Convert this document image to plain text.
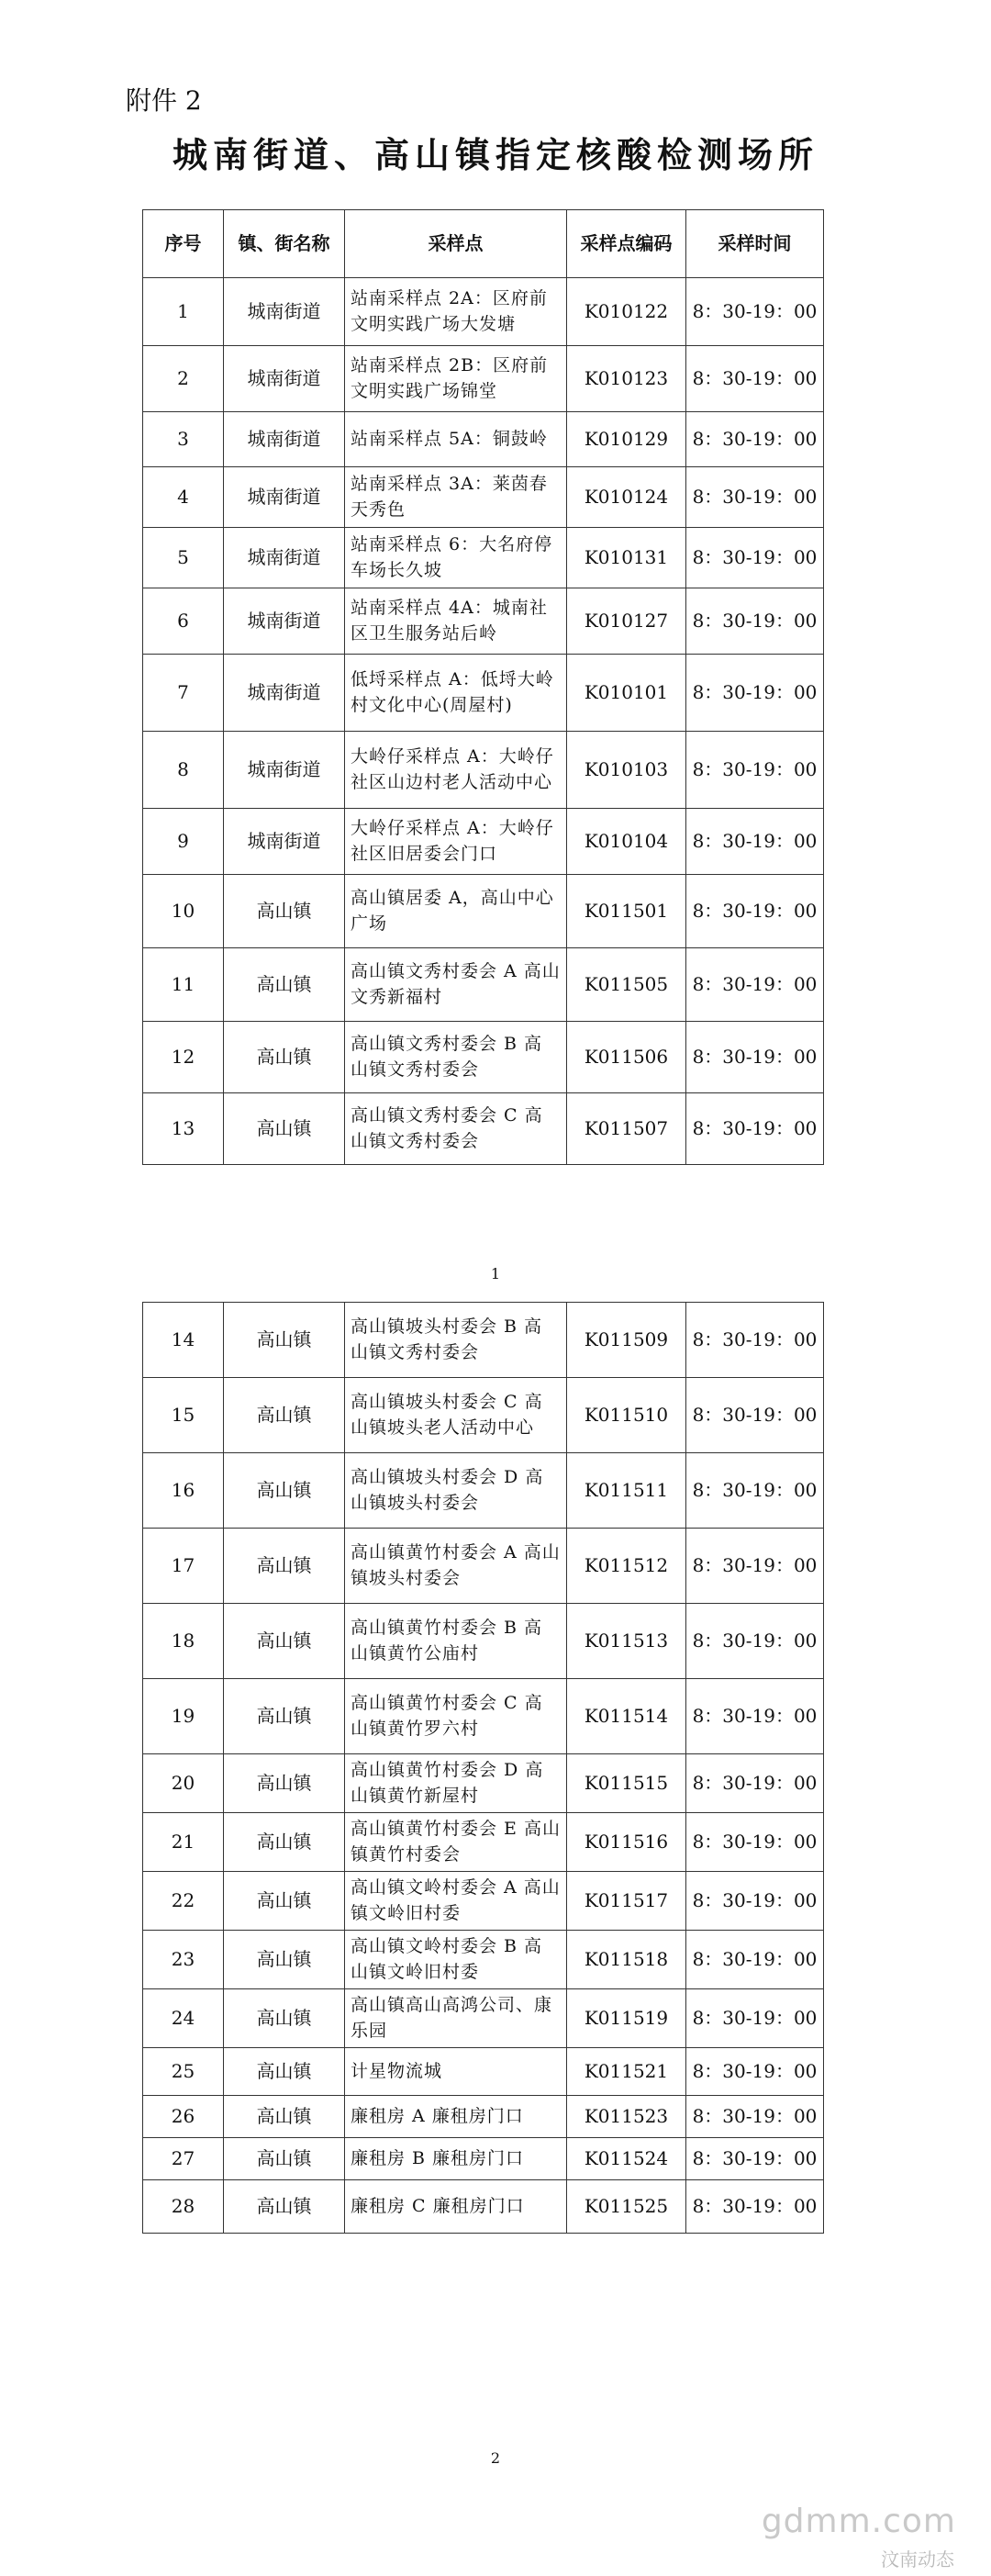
附件 2
城南街道、高山镇指定核酸检测场所
序号	镇、街名称	采样点	采样点编码	采样时间
1	城南街道	站南采样点 2A：区府前文明实践广场大发塘	K010122	8：30-19：00
2	城南街道	站南采样点 2B：区府前文明实践广场锦堂	K010123	8：30-19：00
3	城南街道	站南采样点 5A：铜鼓岭	K010129	8：30-19：00
4	城南街道	站南采样点 3A：莱茵春天秀色	K010124	8：30-19：00
5	城南街道	站南采样点 6：大名府停车场长久坡	K010131	8：30-19：00
6	城南街道	站南采样点 4A：城南社区卫生服务站后岭	K010127	8：30-19：00
7	城南街道	低埒采样点 A：低埒大岭村文化中心(周屋村)	K010101	8：30-19：00
8	城南街道	大岭仔采样点 A：大岭仔社区山边村老人活动中心	K010103	8：30-19：00
9	城南街道	大岭仔采样点 A：大岭仔社区旧居委会门口	K010104	8：30-19：00
10	高山镇	高山镇居委 A，高山中心广场	K011501	8：30-19：00
11	高山镇	高山镇文秀村委会 A 高山文秀新福村	K011505	8：30-19：00
12	高山镇	高山镇文秀村委会 B 高山镇文秀村委会	K011506	8：30-19：00
13	高山镇	高山镇文秀村委会 C 高山镇文秀村委会	K011507	8：30-19：00
1
14	高山镇	高山镇坡头村委会 B 高山镇文秀村委会	K011509	8：30-19：00
15	高山镇	高山镇坡头村委会 C 高山镇坡头老人活动中心	K011510	8：30-19：00
16	高山镇	高山镇坡头村委会 D 高山镇坡头村委会	K011511	8：30-19：00
17	高山镇	高山镇黄竹村委会 A 高山镇坡头村委会	K011512	8：30-19：00
18	高山镇	高山镇黄竹村委会 B 高山镇黄竹公庙村	K011513	8：30-19：00
19	高山镇	高山镇黄竹村委会 C 高山镇黄竹罗六村	K011514	8：30-19：00
20	高山镇	高山镇黄竹村委会 D 高山镇黄竹新屋村	K011515	8：30-19：00
21	高山镇	高山镇黄竹村委会 E 高山镇黄竹村委会	K011516	8：30-19：00
22	高山镇	高山镇文岭村委会 A 高山镇文岭旧村委	K011517	8：30-19：00
23	高山镇	高山镇文岭村委会 B 高山镇文岭旧村委	K011518	8：30-19：00
24	高山镇	高山镇高山高鸿公司、康乐园	K011519	8：30-19：00
25	高山镇	计星物流城	K011521	8：30-19：00
26	高山镇	廉租房 A 廉租房门口	K011523	8：30-19：00
27	高山镇	廉租房 B 廉租房门口	K011524	8：30-19：00
28	高山镇	廉租房 C 廉租房门口	K011525	8：30-19：00
2
gdmm.com
汶南动态
